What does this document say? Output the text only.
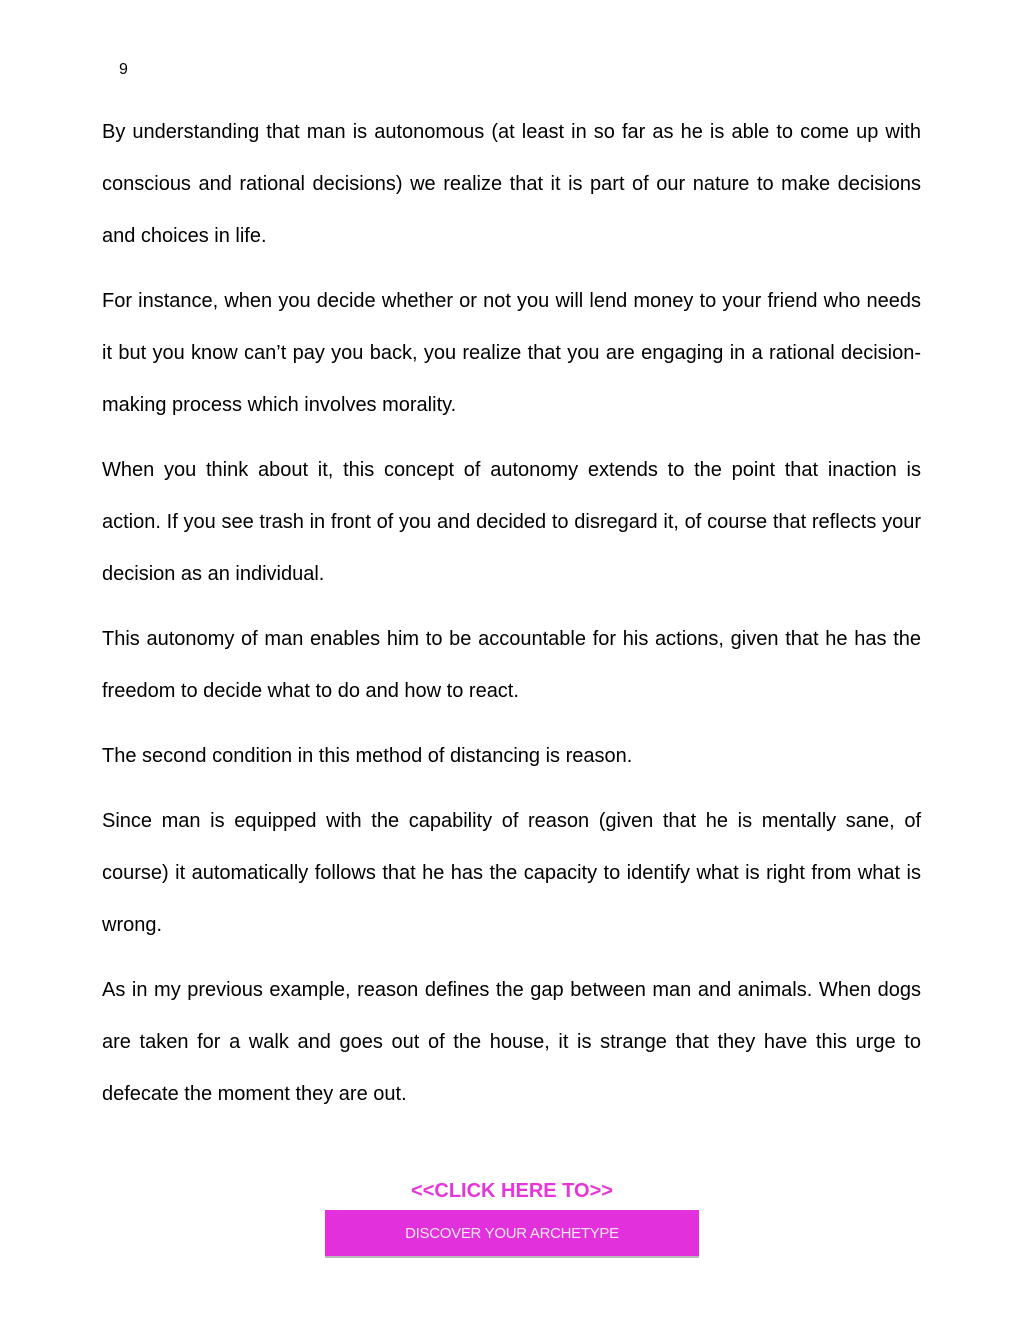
9

By understanding that man is autonomous (at least in so far as he is able to come up with conscious and rational decisions) we realize that it is part of our nature to make decisions and choices in life.

For instance, when you decide whether or not you will lend money to your friend who needs it but you know can’t pay you back, you realize that you are engaging in a rational decision-making process which involves morality.

When you think about it, this concept of autonomy extends to the point that inaction is action. If you see trash in front of you and decided to disregard it, of course that reflects your decision as an individual.

This autonomy of man enables him to be accountable for his actions, given that he has the freedom to decide what to do and how to react.

The second condition in this method of distancing is reason.

Since man is equipped with the capability of reason (given that he is mentally sane, of course) it automatically follows that he has the capacity to identify what is right from what is wrong.

As in my previous example, reason defines the gap between man and animals. When dogs are taken for a walk and goes out of the house, it is strange that they have this urge to defecate the moment they are out.

<<CLICK HERE TO>>
DISCOVER YOUR ARCHETYPE
